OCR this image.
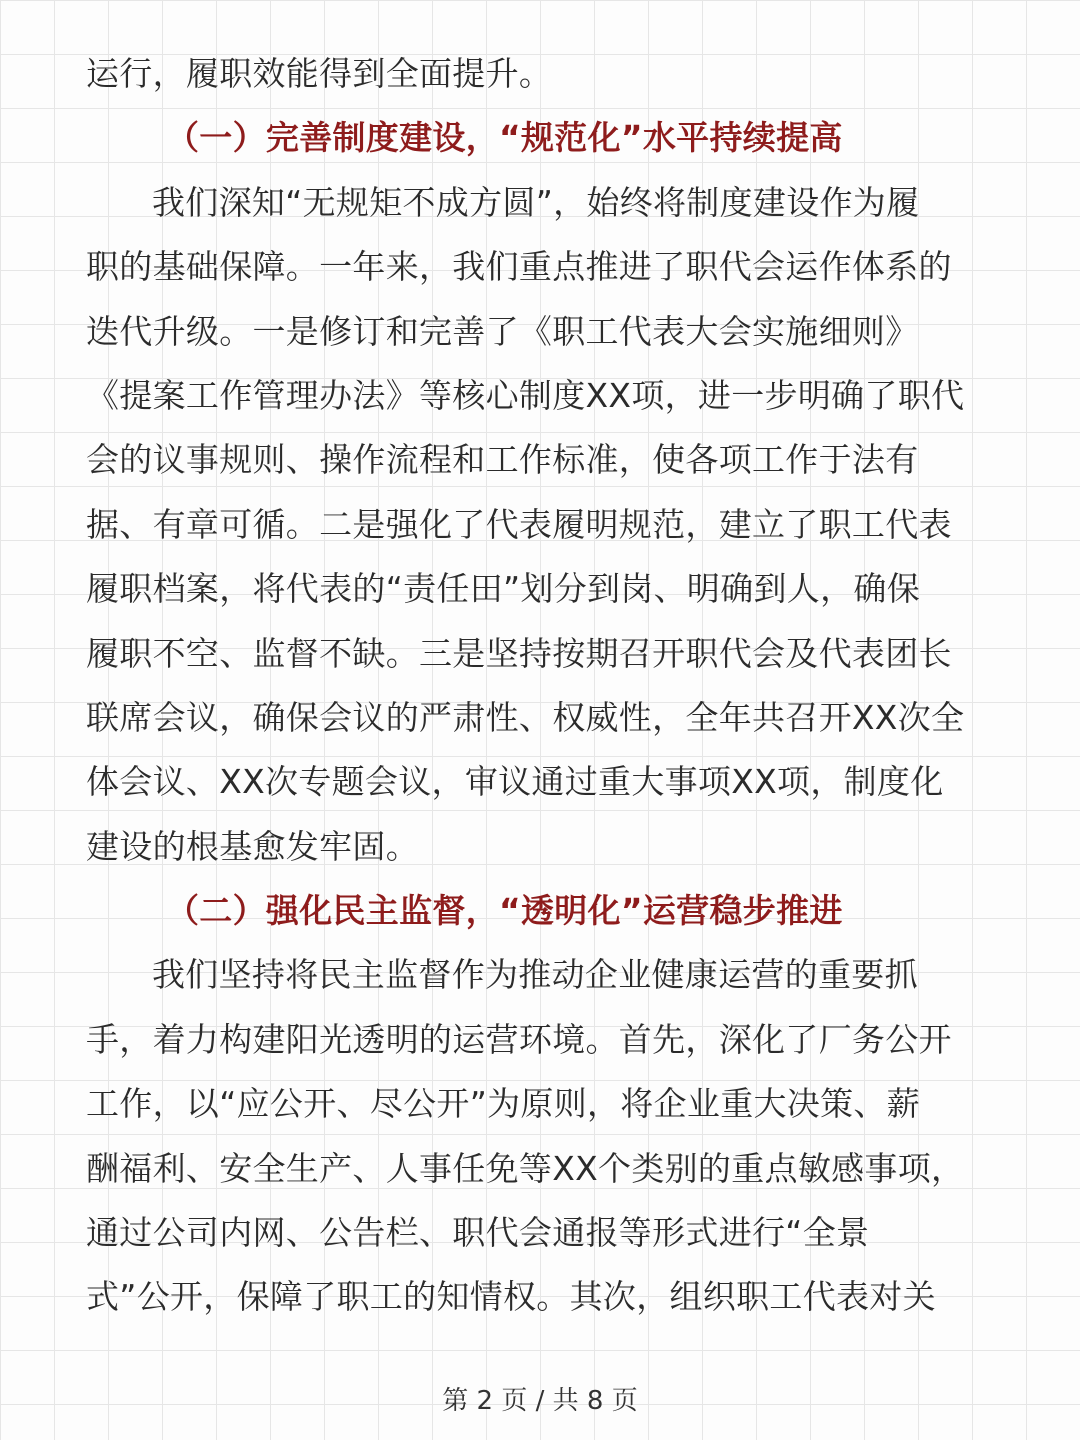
运行，履职效能得到全面提升。
（一）完善制度建设，“规范化”水平持续提高
我们深知“无规矩不成方圆”，始终将制度建设作为履
职的基础保障。一年来，我们重点推进了职代会运作体系的
迭代升级。一是修订和完善了《职工代表大会实施细则》
《提案工作管理办法》等核心制度XX项，进一步明确了职代
会的议事规则、操作流程和工作标准，使各项工作于法有
据、有章可循。二是强化了代表履明规范，建立了职工代表
履职档案，将代表的“责任田”划分到岗、明确到人，确保
履职不空、监督不缺。三是坚持按期召开职代会及代表团长
联席会议，确保会议的严肃性、权威性，全年共召开XX次全
体会议、XX次专题会议，审议通过重大事项XX项，制度化
建设的根基愈发牢固。
（二）强化民主监督，“透明化”运营稳步推进
我们坚持将民主监督作为推动企业健康运营的重要抓
手，着力构建阳光透明的运营环境。首先，深化了厂务公开
工作，以“应公开、尽公开”为原则，将企业重大决策、薪
酬福利、安全生产、人事任免等XX个类别的重点敏感事项，
通过公司内网、公告栏、职代会通报等形式进行“全景
式”公开，保障了职工的知情权。其次，组织职工代表对关
第 2 页 / 共 8 页
